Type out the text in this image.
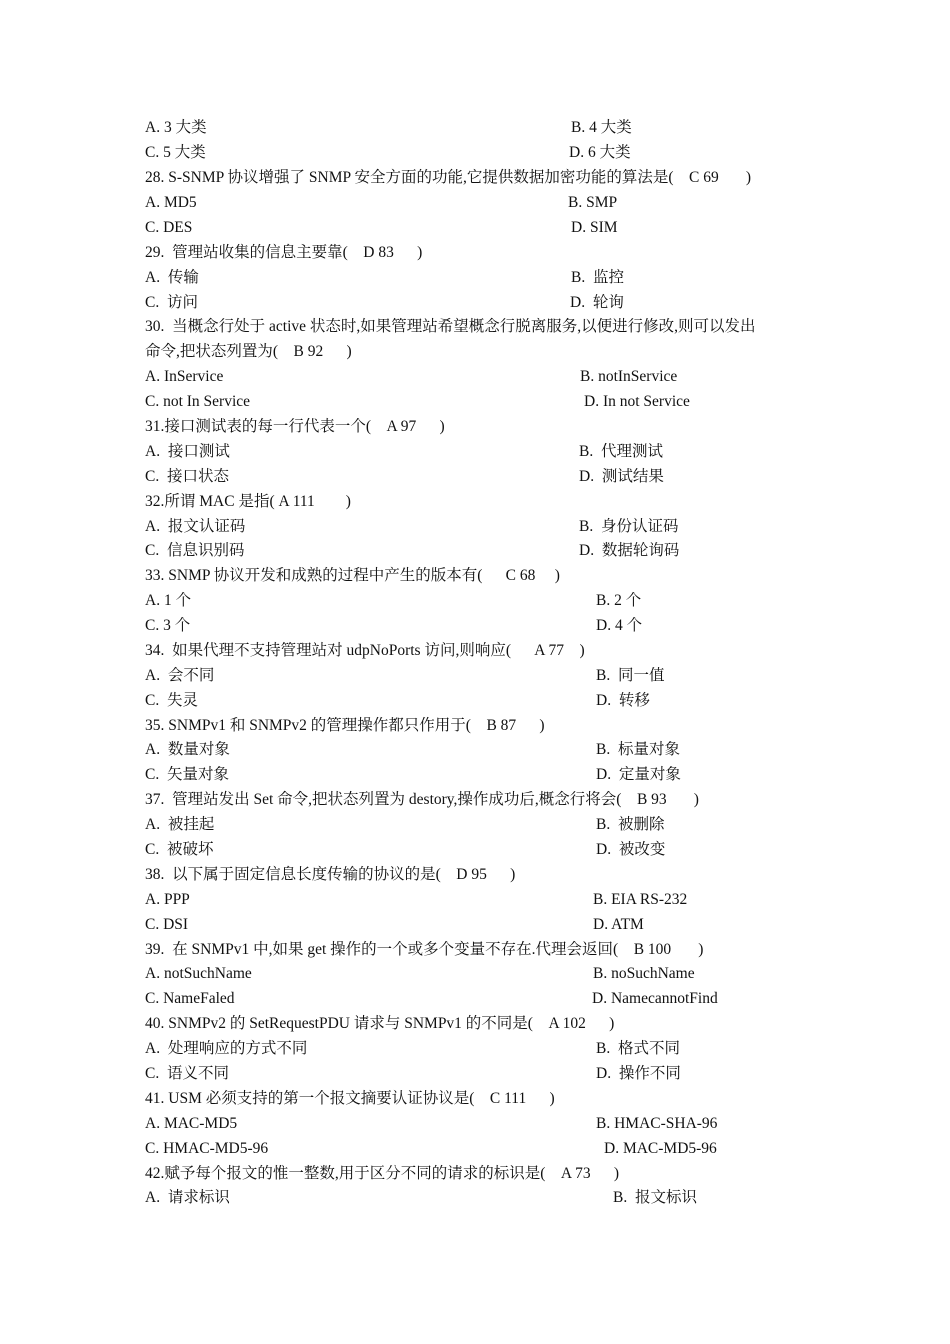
A. 3 大类	B. 4 大类
C. 5 大类	D. 6 大类
28. S-SNMP 协议增强了 SNMP 安全方面的功能,它提供数据加密功能的算法是(    C 69       )
A. MD5	B. SMP
C. DES	D. SIM
29.  管理站收集的信息主要靠(    D 83      )
A.  传输	B.  监控
C.  访问	D.  轮询
30.  当概念行处于 active 状态时,如果管理站希望概念行脱离服务,以便进行修改,则可以发出
命令,把状态列置为(    B 92      )
A. InService	B. notInService
C. not In Service	D. In not Service
31.接口测试表的每一行代表一个(    A 97      )
A.  接口测试	B.  代理测试
C.  接口状态	D.  测试结果
32.所谓 MAC 是指( A 111        )
A.  报文认证码	B.  身份认证码
C.  信息识别码	D.  数据轮询码
33. SNMP 协议开发和成熟的过程中产生的版本有(      C 68     )
A. 1 个	B. 2 个
C. 3 个	D. 4 个
34.  如果代理不支持管理站对 udpNoPorts 访问,则响应(      A 77    )
A.  会不同	B.  同一值
C.  失灵	D.  转移
35. SNMPv1 和 SNMPv2 的管理操作都只作用于(    B 87      )
A.  数量对象	B.  标量对象
C.  矢量对象	D.  定量对象
37.  管理站发出 Set 命令,把状态列置为 destory,操作成功后,概念行将会(    B 93       )
A.  被挂起	B.  被删除
C.  被破坏	D.  被改变
38.  以下属于固定信息长度传输的协议的是(    D 95      )
A. PPP	B. EIA RS-232
C. DSI	D. ATM
39.  在 SNMPv1 中,如果 get 操作的一个或多个变量不存在.代理会返回(    B 100       )
A. notSuchName	B. noSuchName
C. NameFaled	D. NamecannotFind
40. SNMPv2 的 SetRequestPDU 请求与 SNMPv1 的不同是(    A 102      )
A.  处理响应的方式不同	B.  格式不同
C.  语义不同	D.  操作不同
41. USM 必须支持的第一个报文摘要认证协议是(    C 111      )
A. MAC-MD5	B. HMAC-SHA-96
C. HMAC-MD5-96	D. MAC-MD5-96
42.赋予每个报文的惟一整数,用于区分不同的请求的标识是(    A 73      )
A.  请求标识	B.  报文标识
